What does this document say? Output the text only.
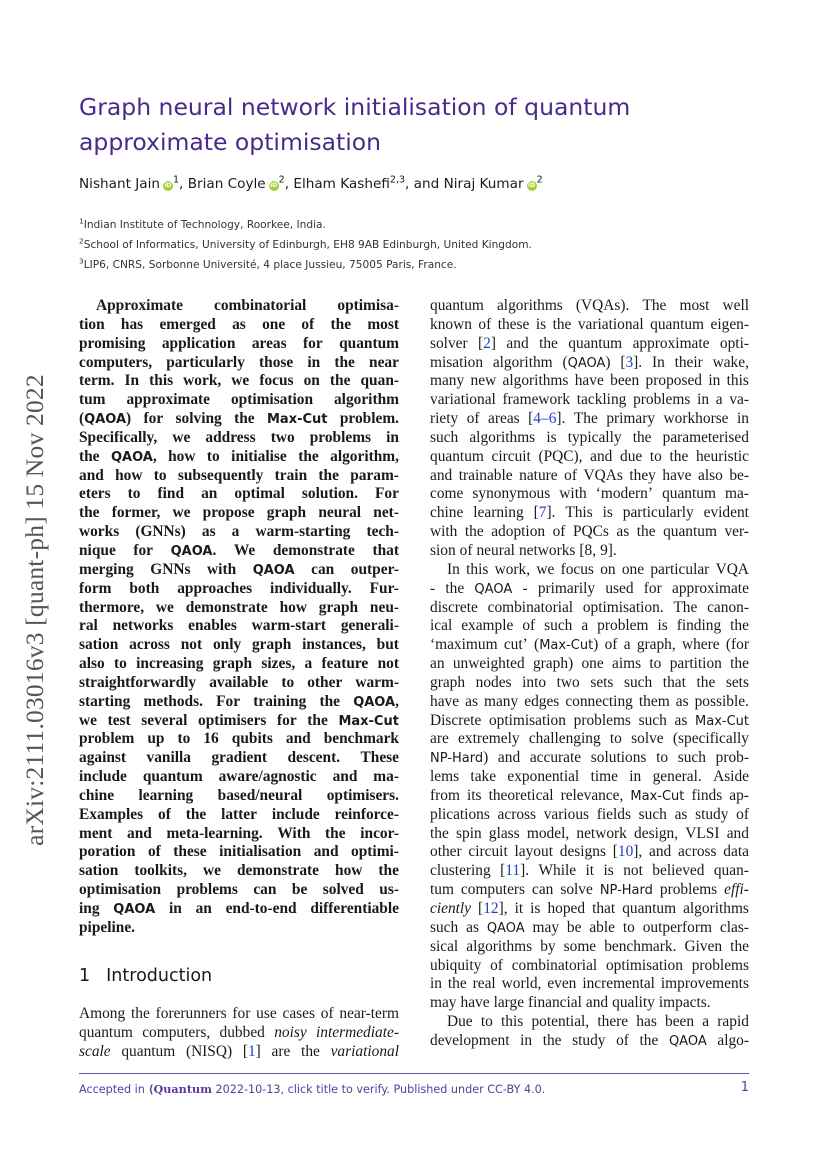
arXiv:2111.03016v3 [quant-ph] 15 Nov 2022
Graph neural network initialisation of quantum approximate optimisation
Nishant Jain $iD^1$, Brian Coyle $iD^2$, Elham Kashefi$^{2,3}$, and Niraj Kumar $iD^2$
$^1$Indian Institute of Technology, Roorkee, India.
$^2$School of Informatics, University of Edinburgh, EH8 9AB Edinburgh, United Kingdom.
$^3$LIP6, CNRS, Sorbonne Université, 4 place Jussieu, 75005 Paris, France.
Approximate combinatorial optimisa-
tion has emerged as one of the most
promising application areas for quantum
computers, particularly those in the near
term. In this work, we focus on the quan-
tum approximate optimisation algorithm
(QAOA) for solving the Max-Cut problem.
Specifically, we address two problems in
the QAOA, how to initialise the algorithm,
and how to subsequently train the param-
eters to find an optimal solution. For
the former, we propose graph neural net-
works (GNNs) as a warm-starting tech-
nique for QAOA. We demonstrate that
merging GNNs with QAOA can outper-
form both approaches individually. Fur-
thermore, we demonstrate how graph neu-
ral networks enables warm-start generali-
sation across not only graph instances, but
also to increasing graph sizes, a feature not
straightforwardly available to other warm-
starting methods. For training the QAOA,
we test several optimisers for the Max-Cut
problem up to 16 qubits and benchmark
against vanilla gradient descent. These
include quantum aware/agnostic and ma-
chine learning based/neural optimisers.
Examples of the latter include reinforce-
ment and meta-learning. With the incor-
poration of these initialisation and optimi-
sation toolkits, we demonstrate how the
optimisation problems can be solved us-
ing QAOA in an end-to-end differentiable
pipeline.
1 Introduction
Among the forerunners for use cases of near-term
quantum computers, dubbed noisy intermediate-
scale quantum (NISQ) [1] are the variational
quantum algorithms (VQAs). The most well
known of these is the variational quantum eigen-
solver [2] and the quantum approximate opti-
misation algorithm (QAOA) [3]. In their wake,
many new algorithms have been proposed in this
variational framework tackling problems in a va-
riety of areas [4–6]. The primary workhorse in
such algorithms is typically the parameterised
quantum circuit (PQC), and due to the heuristic
and trainable nature of VQAs they have also be-
come synonymous with ‘modern’ quantum ma-
chine learning [7]. This is particularly evident
with the adoption of PQCs as the quantum ver-
sion of neural networks [8, 9].
In this work, we focus on one particular VQA
- the QAOA - primarily used for approximate
discrete combinatorial optimisation. The canon-
ical example of such a problem is finding the
‘maximum cut’ (Max-Cut) of a graph, where (for
an unweighted graph) one aims to partition the
graph nodes into two sets such that the sets
have as many edges connecting them as possible.
Discrete optimisation problems such as Max-Cut
are extremely challenging to solve (specifically
NP-Hard) and accurate solutions to such prob-
lems take exponential time in general. Aside
from its theoretical relevance, Max-Cut finds ap-
plications across various fields such as study of
the spin glass model, network design, VLSI and
other circuit layout designs [10], and across data
clustering [11]. While it is not believed quan-
tum computers can solve NP-Hard problems effi-
ciently [12], it is hoped that quantum algorithms
such as QAOA may be able to outperform clas-
sical algorithms by some benchmark. Given the
ubiquity of combinatorial optimisation problems
in the real world, even incremental improvements
may have large financial and quality impacts.
Due to this potential, there has been a rapid
development in the study of the QAOA algo-
Accepted in ⟨Quantum 2022-10-13, click title to verify. Published under CC-BY 4.0.	1
